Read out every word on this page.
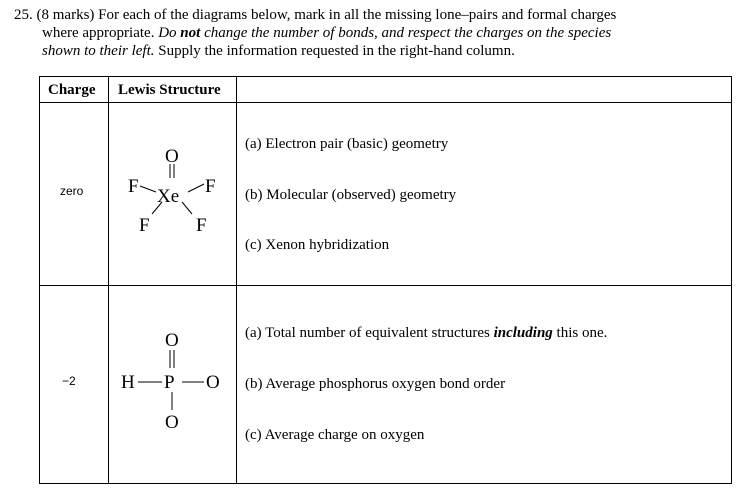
25. (8 marks) For each of the diagrams below, mark in all the missing lone–pairs and formal charges
where appropriate. Do not change the number of bonds, and respect the charges on the species
shown to their left. Supply the information requested in the right-hand column.
Charge Lewis Structure
zero
O
F Xe F
F F
(a) Electron pair (basic) geometry
(b) Molecular (observed) geometry
(c) Xenon hybridization
−2
O
H P O
O
(a) Total number of equivalent structures including this one.
(b) Average phosphorus oxygen bond order
(c) Average charge on oxygen
